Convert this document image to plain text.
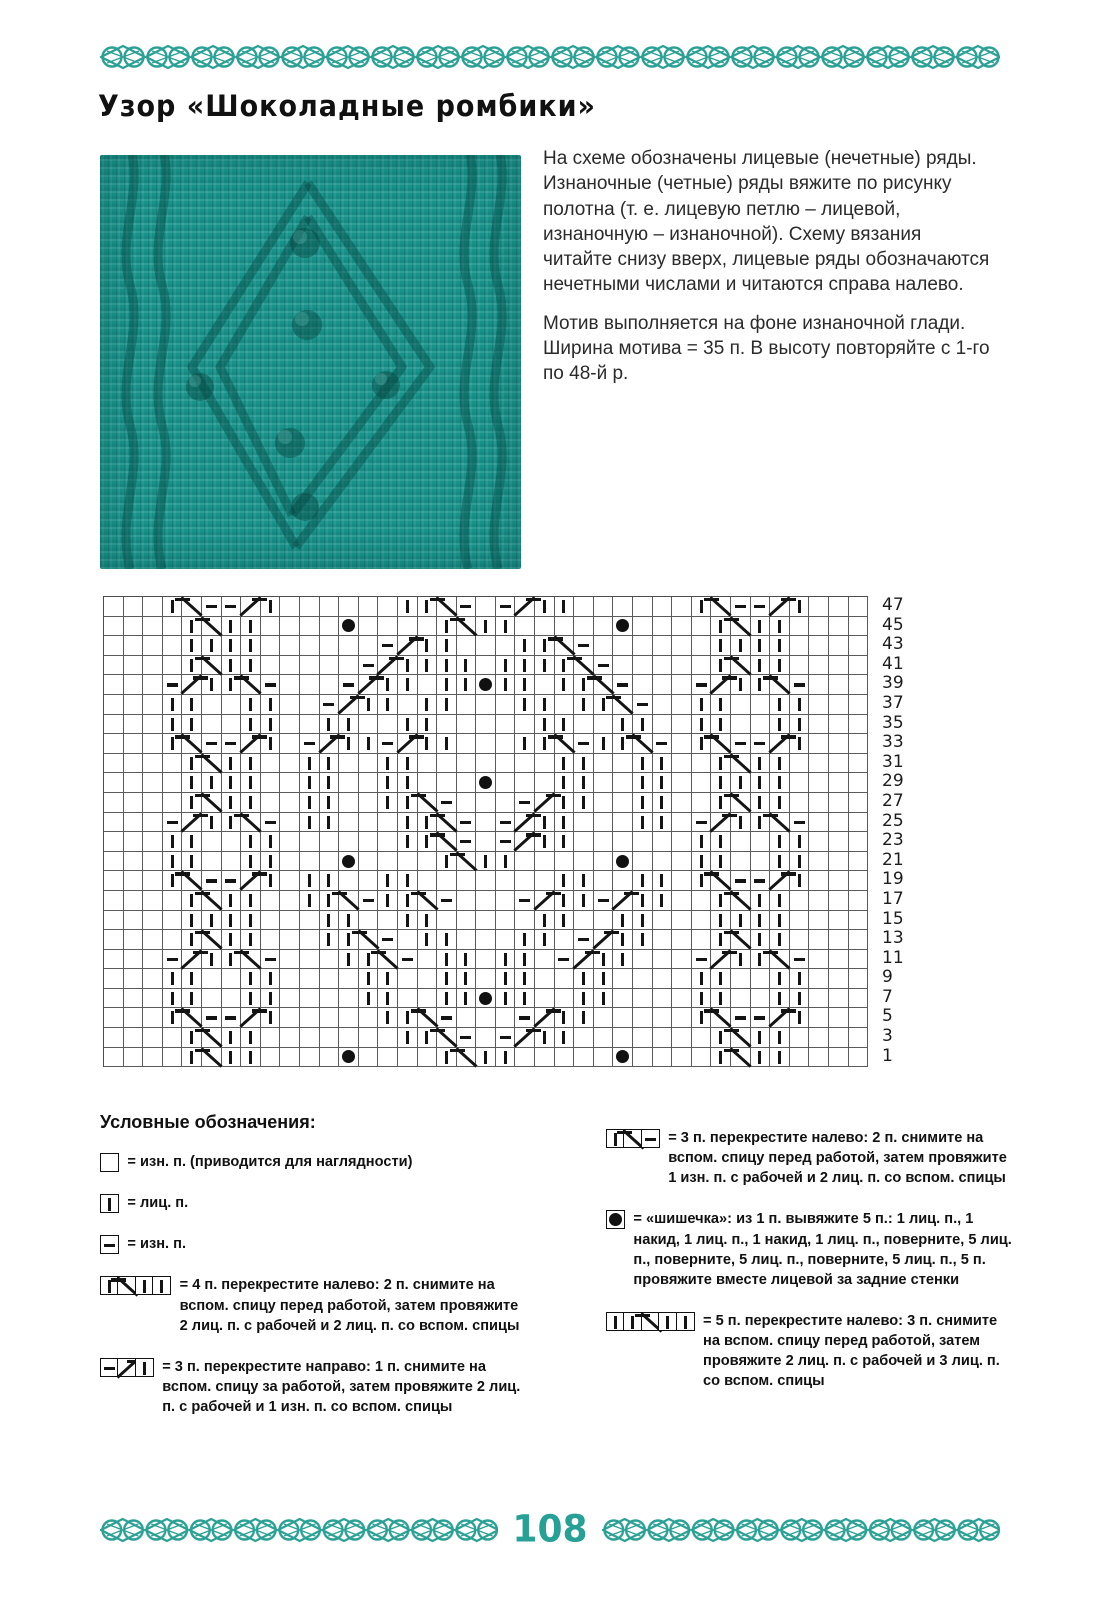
Узор «Шоколадные ромбики»

На схеме обозначены лицевые (нечетные) ряды. Изнаночные (четные) ряды вяжите по рисунку полотна (т. е. лицевую петлю – лицевой, изнаночную – изнаночной). Схему вязания читайте снизу вверх, лицевые ряды обозначаются нечетными числами и читаются справа налево.

Мотив выполняется на фоне изнаночной глади. Ширина мотива = 35 п. В высоту повторяйте с 1-го по 48-й р.

47
45
43
41
39
37
35
33
31
29
27
25
23
21
19
17
15
13
11
9
7
5
3
1
Условные обозначения:
= изн. п. (приводится для наглядности)
= лиц. п.
= изн. п.
= 4 п. перекрестите налево: 2 п. снимите на вспом. спицу перед работой, затем провяжите 2 лиц. п. с рабочей и 2 лиц. п. со вспом. спицы
= 3 п. перекрестите направо: 1 п. снимите на вспом. спицу за работой, затем провяжите 2 лиц. п. с рабочей и 1 изн. п. со вспом. спицы
= 3 п. перекрестите налево: 2 п. снимите на вспом. спицу перед работой, затем провяжите 1 изн. п. с рабочей и 2 лиц. п. со вспом. спицы
= «шишечка»: из 1 п. вывяжите 5 п.: 1 лиц. п., 1 накид, 1 лиц. п., 1 накид, 1 лиц. п., поверните, 5 лиц. п., поверните, 5 лиц. п., поверните, 5 лиц. п., 5 п. провяжите вместе лицевой за задние стенки
= 5 п. перекрестите налево: 3 п. снимите на вспом. спицу перед работой, затем провяжите 2 лиц. п. с рабочей и 3 лиц. п. со вспом. спицы
108
